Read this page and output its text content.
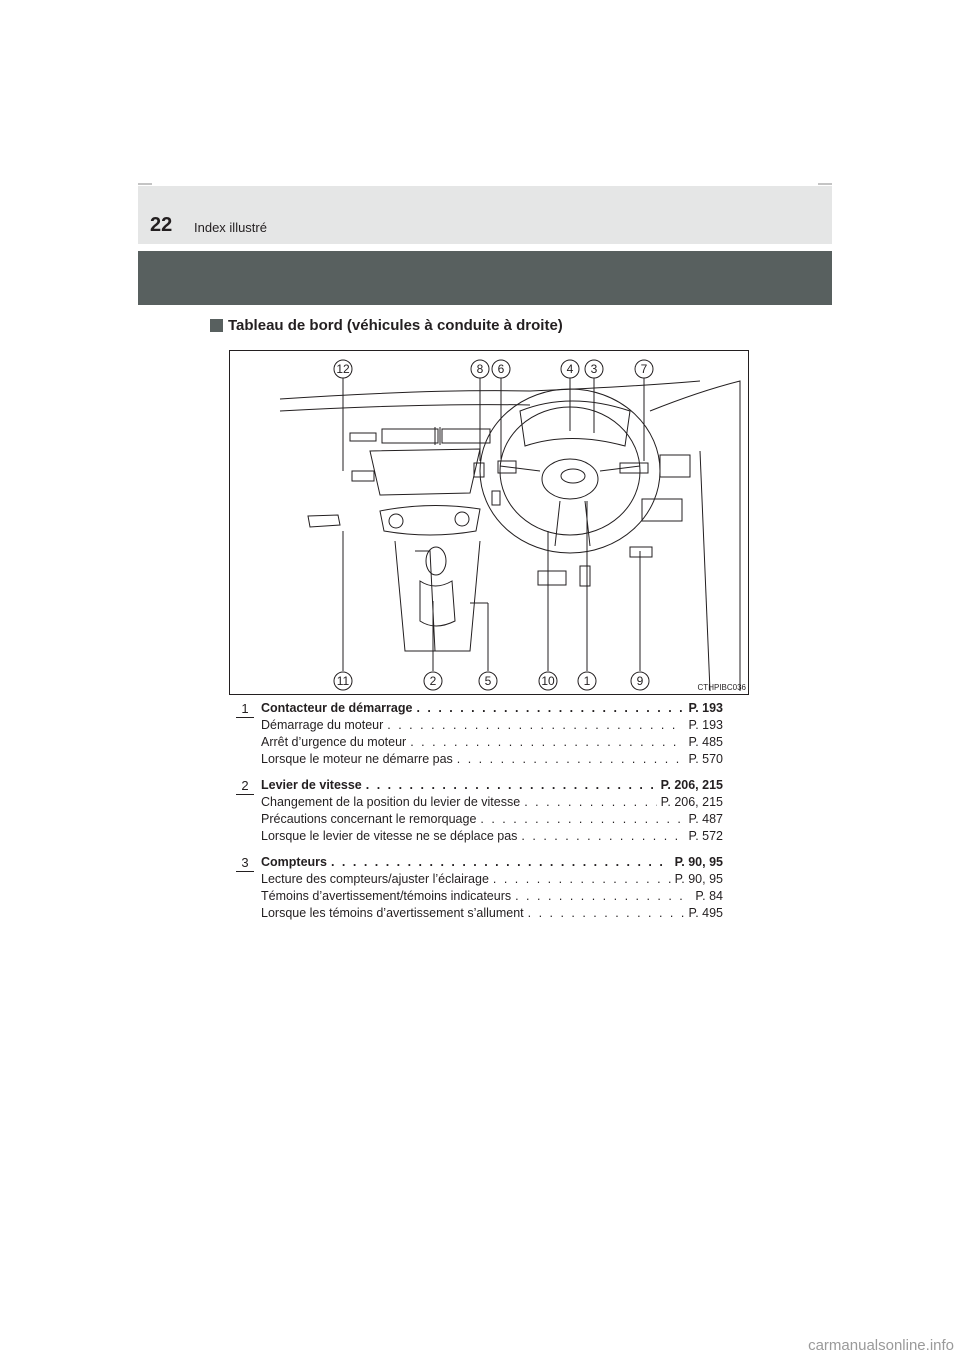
22 Index illustré
Tableau de bord (véhicules à conduite à droite)
12	8 6	4 3	7
11	2	5	10 1	9	CTHPIBC036
1 Contacteur de démarrage . . .	P. 193
Démarrage du moteur . . .	P. 193
Arrêt d’urgence du moteur . . .	P. 485
Lorsque le moteur ne démarre pas . . .	P. 570
2 Levier de vitesse . . .	P. 206, 215
Changement de la position du levier de vitesse . . .	P. 206, 215
Précautions concernant le remorquage . . .	P. 487
Lorsque le levier de vitesse ne se déplace pas . . .	P. 572
3 Compteurs . . .	P. 90, 95
Lecture des compteurs/ajuster l’éclairage . . .	P. 90, 95
Témoins d’avertissement/témoins indicateurs . . .	P. 84
Lorsque les témoins d’avertissement s’allument . . .	P. 495
carmanualsonline.info
